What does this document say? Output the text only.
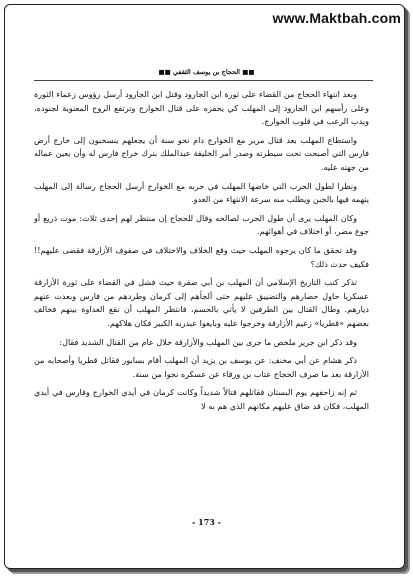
www.Maktbah.com
■■ الحجاج بن يوسف الثقفي ■■

وبعد انتهاء الحجاج من القضاء على ثورة ابن الجارود وقتل ابن الجارود أرسل رؤوس زعماء الثورة وعلى رأسهم ابن الجارود إلى المهلب كي يحفزه على قتال الخوارج وترتفع الروح المعنوية لجنوده، ويدب الرعب في قلوب الخوارج.

واستطاع المهلب بعد قتال مرير مع الخوارج دام نحو سنة أن يجعلهم ينسحبون إلى خارج أرض فارس التي أصبحت تحت سيطرته وصدر أمر الخليفة عبدالملك بترك خراج فارس له وأن يعين عماله من جهته عليه.

ونظرا لطول الحرب التي خاضها المهلب في حربه مع الخوارج أرسل الحجاج رسالة إلى المهلب يتهمه فيها بالجبن ويطلب منه سرعة الانتهاء من العدو.

وكان المهلب يرى أن طول الحرب لصالحه وقال للحجاج إن منتظر لهم إحدى ثلاث: موت ذريع أو جوع مضر، أو اختلاف في أهوائهم.

وقد تحقق ما كان يرجوه المهلب حيث وقع الخلاف والاختلاف في صفوف الأزارقة فقضى عليهم!! فكيف حدث ذلك؟

تذكر كتب التاريخ الإسلامي أن المهلب بن أبي صفرة حيث فشل في القضاء على ثورة الأزارقة عسكريا حاول حصارهم والتضييق عليهم حتى ألجأهم إلى كرمان وطردهم من فارس وبعدت عنهم ديارهم. وطال القتال بين الطرفين لا يأتي بالحسم، فانتظر المهلب أن تقع العداوة بينهم فخالف بعضهم «قطريا» زعيم الأزارقة وخرجوا عليه وبايعوا عبدربه الكبير فكان هلاكهم.

وقد ذكر ابن جرير ملخص ما جرى بين المهلب والأزارقة خلال عام من القتال الشديد فقال:

ذكر هشام عن أبي مخنف: عن يوسف بن يزيد أن المهلب أقام بسابور فقاتل قطريا وأصحابه من الأزارقة بعد ما صرف الحجاج عتاب بن ورقاء عن عسكره نحوا من سنة.

ثم إنه زاحفهم يوم البستان فقاتلهم قتالاً شديداً وكانت كرمان في أيدي الخوارج وفارس في أيدي المهلب، فكان قد ضاق عليهم مكانهم الذي هم به لا

- 173 -
